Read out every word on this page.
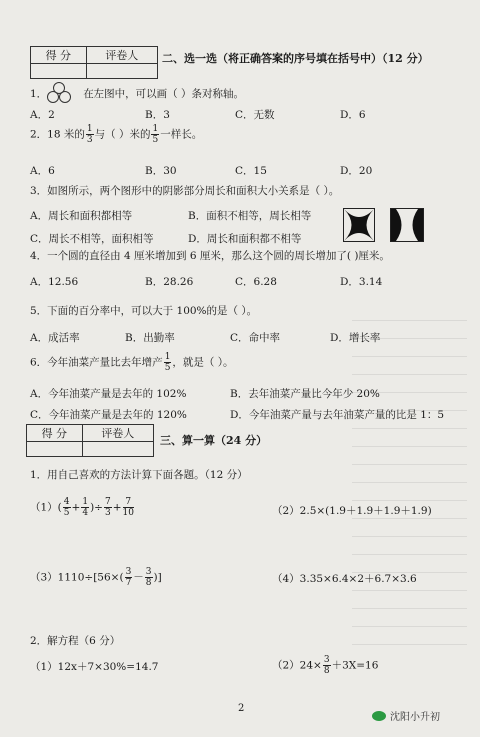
得 分	评卷人
	二、选一选（将正确答案的序号填在括号中）（12 分）
1．	在左图中，可以画（ ）条对称轴。
A．2	B．3	C．无数	D．6
2．18 米的 $\frac{1}{3}$ 与（ ）米的 $\frac{1}{5}$ 一样长。
A．6	B．30	C．15	D．20
3．如图所示，两个图形中的阴影部分周长和面积大小关系是（ ）。
A．周长和面积都相等	B．面积不相等，周长相等
C．周长不相等，面积相等	D．周长和面积都不相等
4．一个圆的直径由 4 厘米增加到 6 厘米，那么这个圆的周长增加了( )厘米。
A．12.56	B．28.26	C．6.28	D．3.14
5．下面的百分率中，可以大于 100%的是（ ）。
A．成活率	B．出勤率	C．命中率	D．增长率
6．今年油菜产量比去年增产 $\frac{1}{5}$ ，就是（ ）。
A．今年油菜产量是去年的 102%	B．去年油菜产量比今年少 20%
C．今年油菜产量是去年的 120%	D．今年油菜产量与去年油菜产量的比是 1：5
得 分	评卷人

三、算一算（24 分）
1．用自己喜欢的方法计算下面各题。（12 分）
$(1)( \frac{4}{5} + \frac{1}{4}$ )÷ $\frac{7}{3} + \frac{7}{10}$	（2）2.5×(1.9＋1.9＋1.9＋1.9)
$(3)1110\div[56\times( \frac{3}{7} - \frac{3}{8}$ )]	（4）3.35×6.4×2＋6.7×3.6
2．解方程（6 分）
（1）12x＋7×30%=14.7	$(2)24\times \frac{3}{8} +3X=16$
2
沈阳小升初
